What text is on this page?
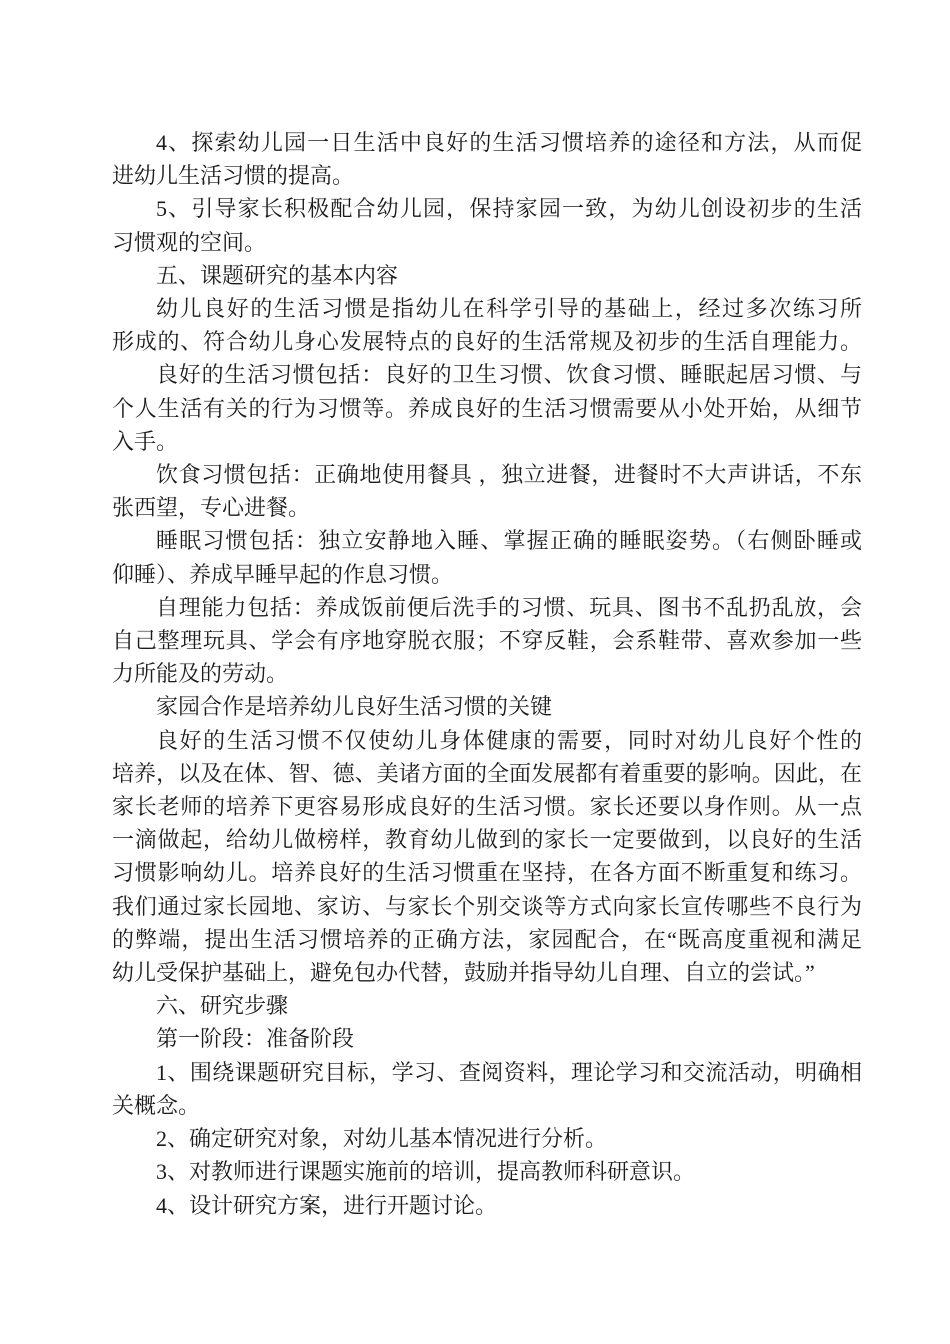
4、探索幼儿园一日生活中良好的生活习惯培养的途径和方法，从而促
进幼儿生活习惯的提高。

5、引导家长积极配合幼儿园，保持家园一致，为幼儿创设初步的生活
习惯观的空间。

五、课题研究的基本内容

幼儿良好的生活习惯是指幼儿在科学引导的基础上，经过多次练习所
形成的、符合幼儿身心发展特点的良好的生活常规及初步的生活自理能力。

良好的生活习惯包括：良好的卫生习惯、饮食习惯、睡眠起居习惯、与
个人生活有关的行为习惯等。养成良好的生活习惯需要从小处开始，从细节
入手。

饮食习惯包括：正确地使用餐具 ，独立进餐，进餐时不大声讲话，不东
张西望，专心进餐。

睡眠习惯包括：独立安静地入睡、掌握正确的睡眠姿势。（右侧卧睡或
仰睡）、养成早睡早起的作息习惯。

自理能力包括：养成饭前便后洗手的习惯、玩具、图书不乱扔乱放，会
自己整理玩具、学会有序地穿脱衣服；不穿反鞋，会系鞋带、喜欢参加一些
力所能及的劳动。

家园合作是培养幼儿良好生活习惯的关键

良好的生活习惯不仅使幼儿身体健康的需要，同时对幼儿良好个性的
培养，以及在体、智、德、美诸方面的全面发展都有着重要的影响。因此，在
家长老师的培养下更容易形成良好的生活习惯。家长还要以身作则。从一点
一滴做起，给幼儿做榜样，教育幼儿做到的家长一定要做到，以良好的生活
习惯影响幼儿。培养良好的生活习惯重在坚持，在各方面不断重复和练习。
我们通过家长园地、家访、与家长个别交谈等方式向家长宣传哪些不良行为
的弊端，提出生活习惯培养的正确方法，家园配合，在“既高度重视和满足
幼儿受保护基础上，避免包办代替，鼓励并指导幼儿自理、自立的尝试。”

六、研究步骤

第一阶段：准备阶段

1、围绕课题研究目标，学习、查阅资料，理论学习和交流活动，明确相
关概念。

2、确定研究对象，对幼儿基本情况进行分析。

3、对教师进行课题实施前的培训，提高教师科研意识。

4、设计研究方案，进行开题讨论。
